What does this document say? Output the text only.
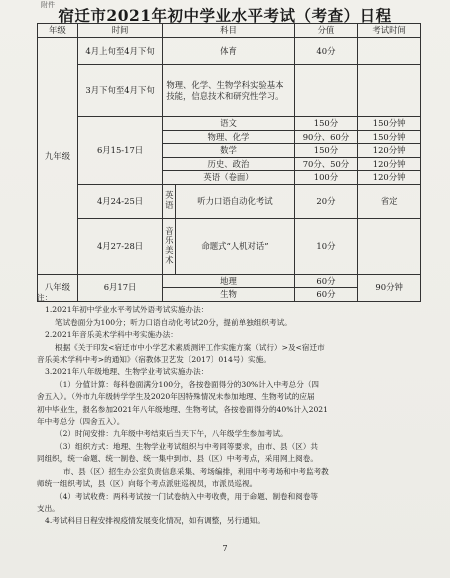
附件
宿迁市2021年初中学业水平考试（考查）日程
年级	时间	科目		分值	考试时间
九年级	4月上旬至4月下旬	体育		40分	
	3月下旬至4月下旬	物理、化学、生物学科实验基本技能，信息技术和研究性学习。			
	6月15-17日	语文		150分	150分钟
		物理、化学		90分、60分	150分钟
		数学		150分	120分钟
		历史、政治		70分、50分	120分钟
		英语（卷面）		100分	120分钟
	4月24-25日	英语	听力口语自动化考试	20分	省定
	4月27-28日	音乐美术	命题式“人机对话”	10分	
八年级	6月17日	地理		60分	90分钟
		生物		60分	

注：

1.2021年初中学业水平考试外语考试实施办法：

笔试卷面分为100分；听力口语自动化考试20分，提前单独组织考试。

2.2021年音乐美术学科中考实施办法：

根据《关于印发<宿迁市中小学艺术素质测评工作实施方案（试行）>及<宿迁市

音乐美术学科中考>的通知》（宿教体卫艺发〔2017〕014号）实施。

3.2021年八年级地理、生物学业考试实施办法：

（1）分值计算：每科卷面满分100分，各按卷面得分的30%计入中考总分（四

舍五入）。（外市九年级转学学生及2020年因特殊情况未参加地理、生物考试的应届

初中毕业生，报名参加2021年八年级地理、生物考试，各按卷面得分的40%计入2021

年中考总分（四舍五入）。

（2）时间安排：九年级中考结束后当天下午，八年级学生参加考试。

（3）组织方式：地理、生物学业考试组织与中考同等要求，由市、县（区）共

同组织，统一命题、统一制卷、统一集中到市、县（区）中考考点，采用网上阅卷。

市、县（区）招生办公室负责信息采集、考场编排，利用中考考场和中考监考教

师统一组织考试，县（区）向每个考点派驻巡视员，市派员巡视。

（4）考试收费：两科考试按一门试卷纳入中考收费，用于命题、制卷和阅卷等

支出。

4.考试科目日程安排视疫情发展变化情况，如有调整，另行通知。

7
